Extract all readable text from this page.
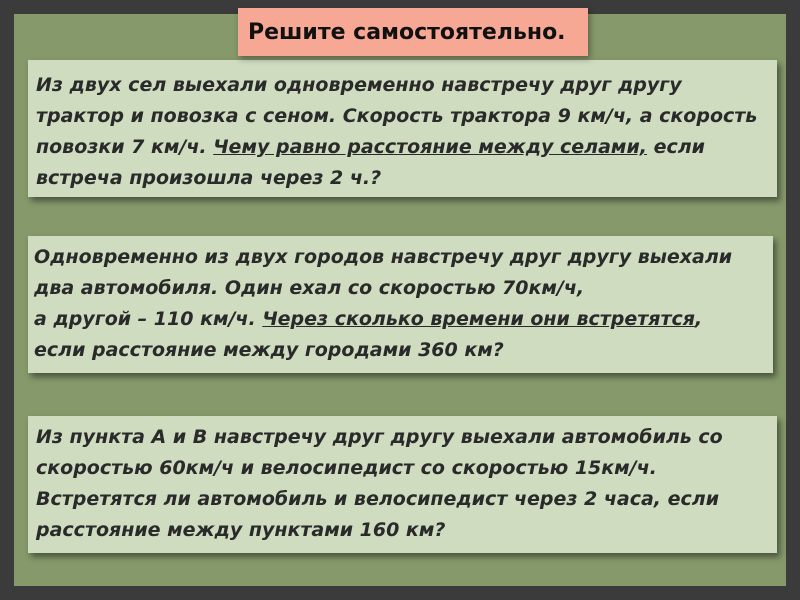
Из двух сел выехали одновременно навстречу друг другу трактор и повозка с сеном. Скорость трактора 9 км/ч, а скорость повозки 7 км/ч. Чему равно расстояние между селами, если встреча произошла через 2 ч.?

Одновременно из двух городов навстречу друг другу выехали

два автомобиля. Один ехал со скоростью 70км/ч,

а другой – 110 км/ч. Через сколько времени они встретятся,

если расстояние между городами 360 км?

Из пункта А и В навстречу друг другу выехали автомобиль со скоростью 60км/ч и велосипедист со скоростью 15км/ч.

Встретятся ли автомобиль и велосипедист через 2 часа, если расстояние между пунктами 160 км?

Решите самостоятельно.
